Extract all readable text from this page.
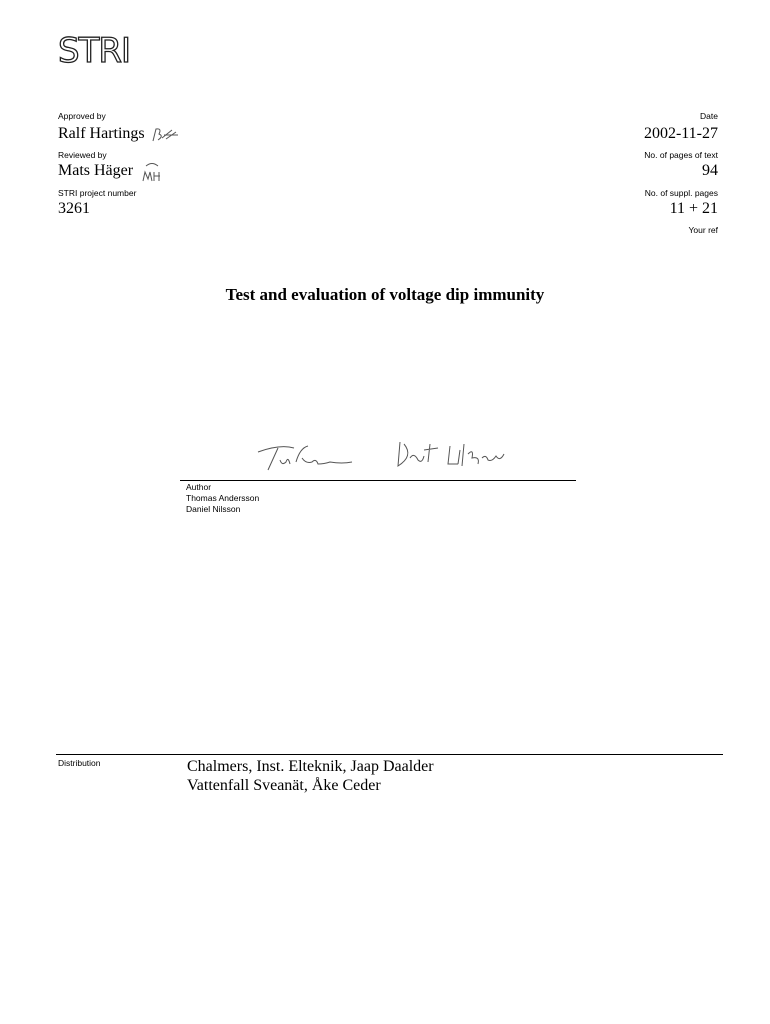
STRI
Approved by
Ralf Hartings
Reviewed by
Mats Häger
STRI project number
3261
Date
2002-11-27
No. of pages of text
94
No. of suppl. pages
11 + 21
Your ref
Test and evaluation of voltage dip immunity
Author
Thomas Andersson
Daniel Nilsson
Distribution	Chalmers, Inst. Elteknik, Jaap Daalder
Vattenfall Sveanät, Åke Ceder
